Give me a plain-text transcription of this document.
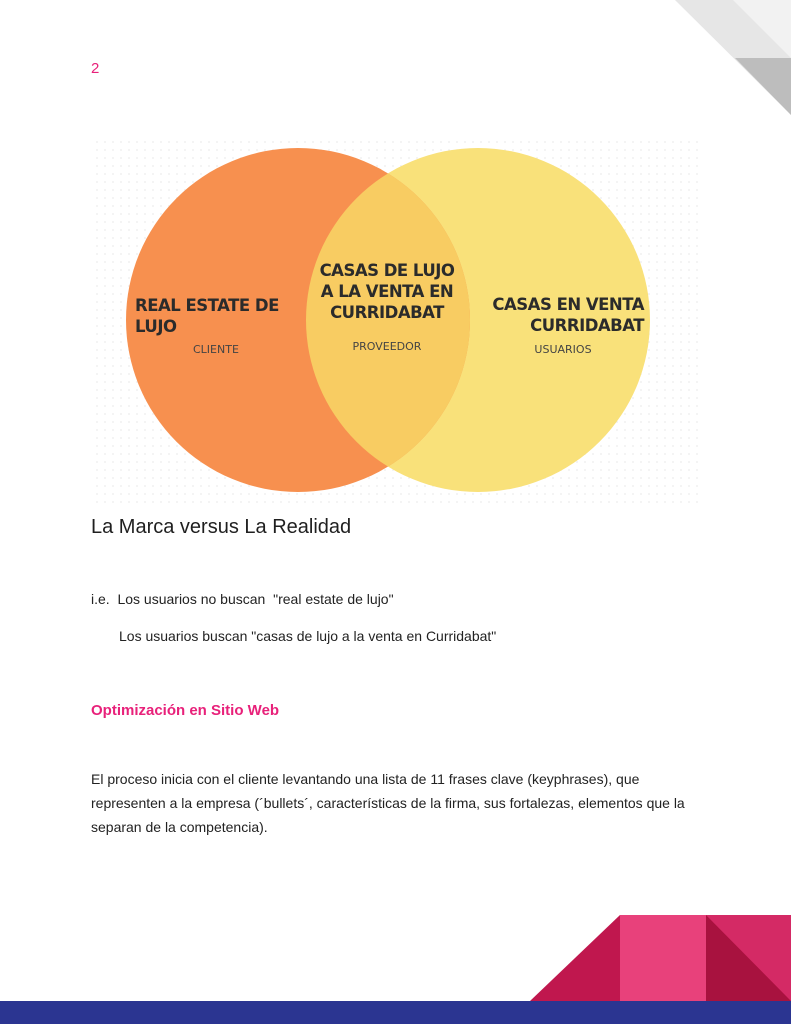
2
REAL ESTATE DE
LUJO
CLIENTE
CASAS DE LUJO
A LA VENTA EN
CURRIDABAT
PROVEEDOR
CASAS EN VENTA
CURRIDABAT
USUARIOS
La Marca versus La Realidad
i.e.  Los usuarios no buscan  "real estate de lujo"
Los usuarios buscan "casas de lujo a la venta en Curridabat"
Optimización en Sitio Web
El proceso inicia con el cliente levantando una lista de 11 frases clave (keyphrases), que representen a la empresa (´bullets´, características de la firma, sus fortalezas, elementos que la separan de la competencia).
